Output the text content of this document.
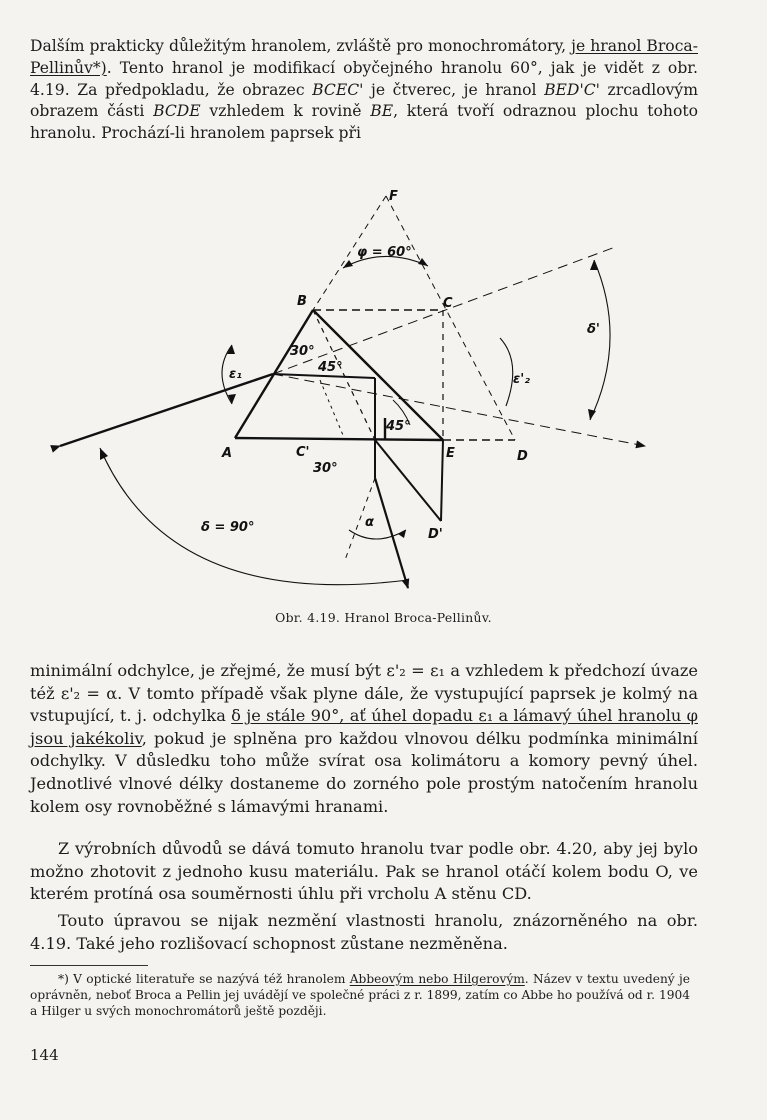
Dalším prakticky důležitým hranolem, zvláště pro monochromátory, je hranol Broca-Pellinův*). Tento hranol je modifikací obyčejného hranolu 60°, jak je vidět z obr. 4.19. Za předpokladu, že obrazec BCEC' je čtverec, je hranol BED'C' zrcadlovým obrazem části BCDE vzhledem k rovině BE, která tvoří odraznou plochu tohoto hranolu. Prochází-li hranolem paprsek při

F
φ = 60°
B	C
30°
45°
45°
ε₁	ε'₂
δ'
A	C'
30°
E	D
D'
δ = 90°	α
Obr. 4.19. Hranol Broca-Pellinův.

minimální odchylce, je zřejmé, že musí být ε'₂ = ε₁ a vzhledem k předchozí úvaze též ε'₂ = α. V tomto případě však plyne dále, že vystupující paprsek je kolmý na vstupující, t. j. odchylka δ je stále 90°, ať úhel dopadu ε₁ a lámavý úhel hranolu φ jsou jakékoliv, pokud je splněna pro každou vlnovou délku podmínka minimální odchylky. V důsledku toho může svírat osa kolimátoru a komory pevný úhel. Jednotlivé vlnové délky dostaneme do zorného pole prostým natočením hranolu kolem osy rovnoběžné s lámavými hranami.

Z výrobních důvodů se dává tomuto hranolu tvar podle obr. 4.20, aby jej bylo možno zhotovit z jednoho kusu materiálu. Pak se hranol otáčí kolem bodu O, ve kterém protíná osa souměrnosti úhlu při vrcholu A stěnu CD.

Touto úpravou se nijak nezmění vlastnosti hranolu, znázorněného na obr. 4.19. Také jeho rozlišovací schopnost zůstane nezměněna.

*) V optické literatuře se nazývá též hranolem Abbeovým nebo Hilgerovým. Název v textu uvedený je oprávněn, neboť Broca a Pellin jej uvádějí ve společné práci z r. 1899, zatím co Abbe ho používá od r. 1904 a Hilger u svých monochromátorů ještě později.

144
